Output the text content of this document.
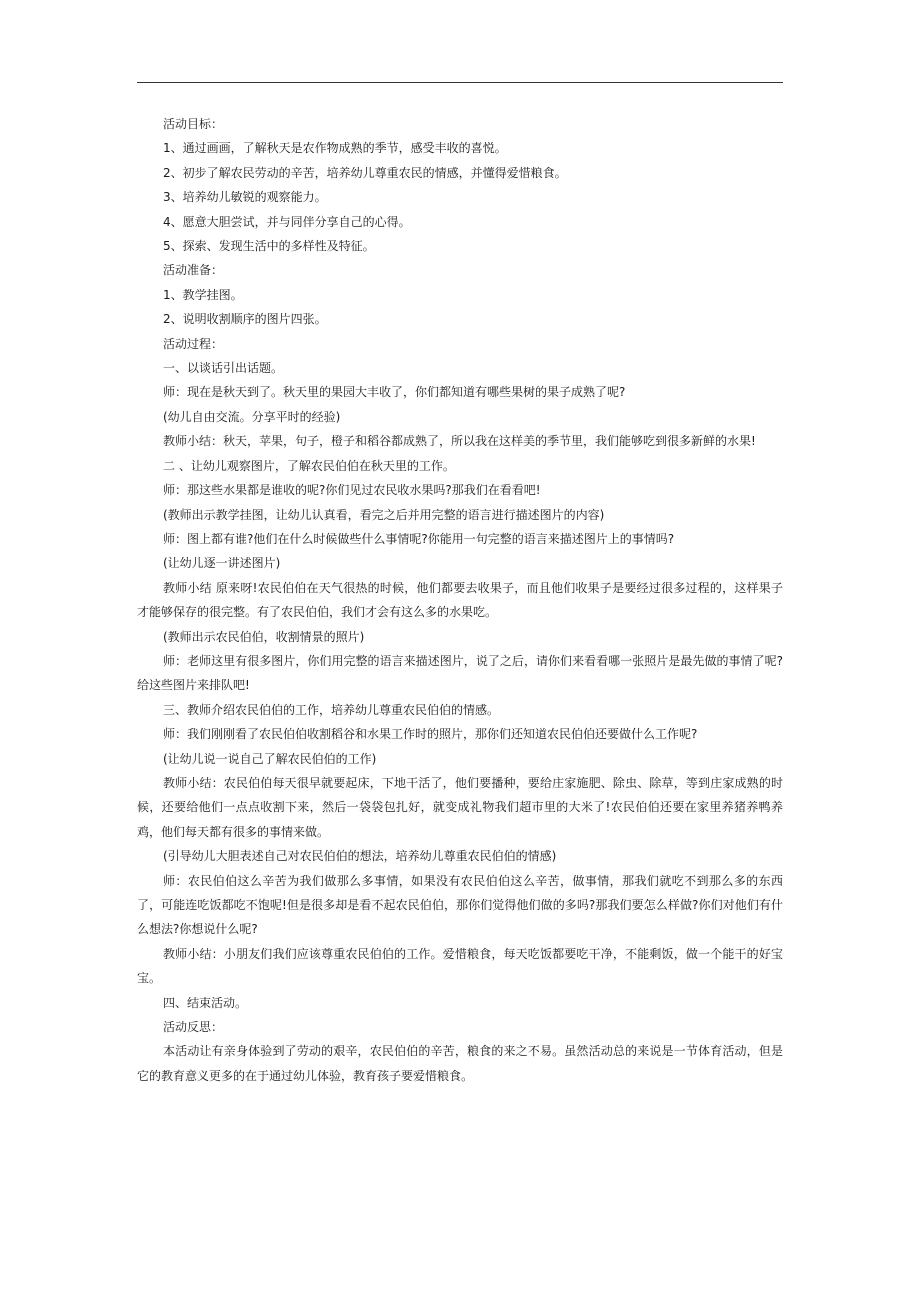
活动目标：

1、通过画画，了解秋天是农作物成熟的季节，感受丰收的喜悦。

2、初步了解农民劳动的辛苦，培养幼儿尊重农民的情感，并懂得爱惜粮食。

3、培养幼儿敏锐的观察能力。

4、愿意大胆尝试，并与同伴分享自己的心得。

5、探索、发现生活中的多样性及特征。

活动准备：

1、教学挂图。

2、说明收割顺序的图片四张。

活动过程：

一、以谈话引出话题。

师：现在是秋天到了。秋天里的果园大丰收了，你们都知道有哪些果树的果子成熟了呢?

(幼儿自由交流。分享平时的经验)

教师小结：秋天，苹果，句子，橙子和稻谷都成熟了，所以我在这样美的季节里，我们能够吃到很多新鲜的水果!

二 、让幼儿观察图片，了解农民伯伯在秋天里的工作。

师：那这些水果都是谁收的呢?你们见过农民收水果吗?那我们在看看吧!

(教师出示教学挂图，让幼儿认真看，看完之后并用完整的语言进行描述图片的内容)

师：图上都有谁?他们在什么时候做些什么事情呢?你能用一句完整的语言来描述图片上的事情吗?

(让幼儿逐一讲述图片)

教师小结 原来呀!农民伯伯在天气很热的时候，他们都要去收果子，而且他们收果子是要经过很多过程的，这样果子才能够保存的很完整。有了农民伯伯，我们才会有这么多的水果吃。

(教师出示农民伯伯，收割情景的照片)

师：老师这里有很多图片，你们用完整的语言来描述图片，说了之后，请你们来看看哪一张照片是最先做的事情了呢?给这些图片来排队吧!

三、教师介绍农民伯伯的工作，培养幼儿尊重农民伯伯的情感。

师：我们刚刚看了农民伯伯收割稻谷和水果工作时的照片，那你们还知道农民伯伯还要做什么工作呢?

(让幼儿说一说自己了解农民伯伯的工作)

教师小结：农民伯伯每天很早就要起床，下地干活了，他们要播种，要给庄家施肥、除虫、除草，等到庄家成熟的时候，还要给他们一点点收割下来，然后一袋袋包扎好，就变成礼物我们超市里的大米了!农民伯伯还要在家里养猪养鸭养鸡，他们每天都有很多的事情来做。

(引导幼儿大胆表述自己对农民伯伯的想法，培养幼儿尊重农民伯伯的情感)

师：农民伯伯这么辛苦为我们做那么多事情，如果没有农民伯伯这么辛苦，做事情，那我们就吃不到那么多的东西了，可能连吃饭都吃不饱呢!但是很多却是看不起农民伯伯，那你们觉得他们做的多吗?那我们要怎么样做?你们对他们有什么想法?你想说什么呢?

教师小结：小朋友们我们应该尊重农民伯伯的工作。爱惜粮食，每天吃饭都要吃干净，不能剩饭，做一个能干的好宝宝。

四、结束活动。

活动反思：

本活动让有亲身体验到了劳动的艰辛，农民伯伯的辛苦，粮食的来之不易。虽然活动总的来说是一节体育活动，但是它的教育意义更多的在于通过幼儿体验，教育孩子要爱惜粮食。
